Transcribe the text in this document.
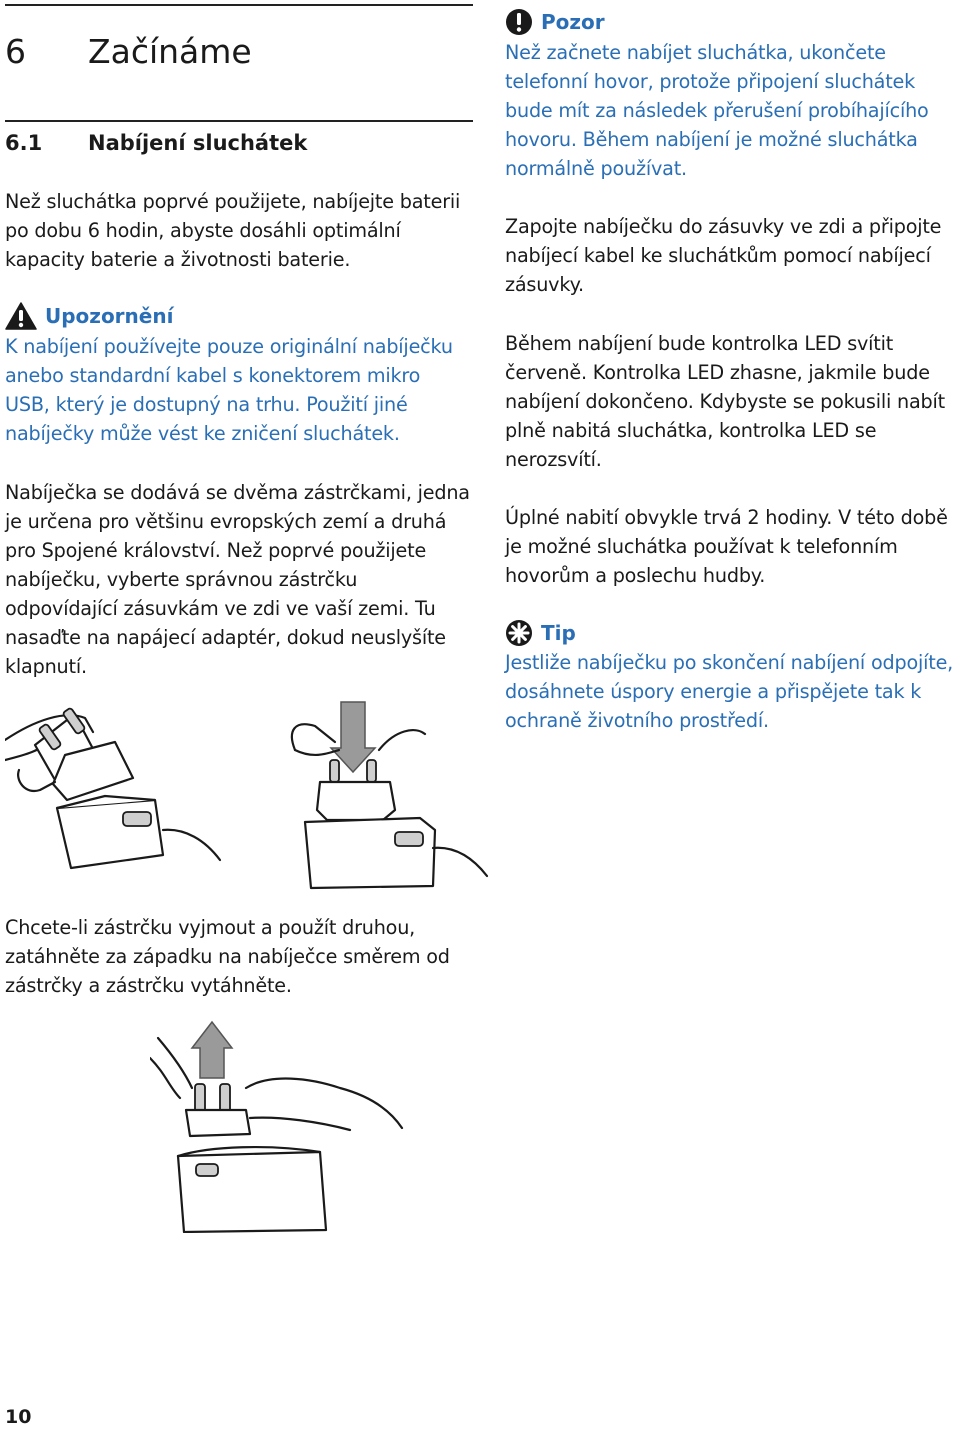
6 Začínáme
6.1 Nabíjení sluchátek

Než sluchátka poprvé použijete, nabíjejte baterii po dobu 6 hodin, abyste dosáhli optimální kapacity baterie a životnosti baterie.

Upozornění

K nabíjení používejte pouze originální nabíječku anebo standardní kabel s konektorem mikro USB, který je dostupný na trhu. Použití jiné nabíječky může vést ke zničení sluchátek.

Nabíječka se dodává se dvěma zástrčkami, jedna je určena pro většinu evropských zemí a druhá pro Spojené království. Než poprvé použijete nabíječku, vyberte správnou zástrčku odpovídající zásuvkám ve zdi ve vaší zemi. Tu nasaďte na napájecí adaptér, dokud neuslyšíte klapnutí.

Chcete-li zástrčku vyjmout a použít druhou, zatáhněte za západku na nabíječce směrem od zástrčky a zástrčku vytáhněte.

Pozor

Než začnete nabíjet sluchátka, ukončete telefonní hovor, protože připojení sluchátek bude mít za následek přerušení probíhajícího hovoru. Během nabíjení je možné sluchátka normálně používat.

Zapojte nabíječku do zásuvky ve zdi a připojte nabíjecí kabel ke sluchátkům pomocí nabíjecí zásuvky.

Během nabíjení bude kontrolka LED svítit červeně. Kontrolka LED zhasne, jakmile bude nabíjení dokončeno. Kdybyste se pokusili nabít plně nabitá sluchátka, kontrolka LED se nerozsvítí.

Úplné nabití obvykle trvá 2 hodiny. V této době je možné sluchátka používat k telefonním hovorům a poslechu hudby.

Tip

Jestliže nabíječku po skončení nabíjení odpojíte, dosáhnete úspory energie a přispějete tak k ochraně životního prostředí.

10
